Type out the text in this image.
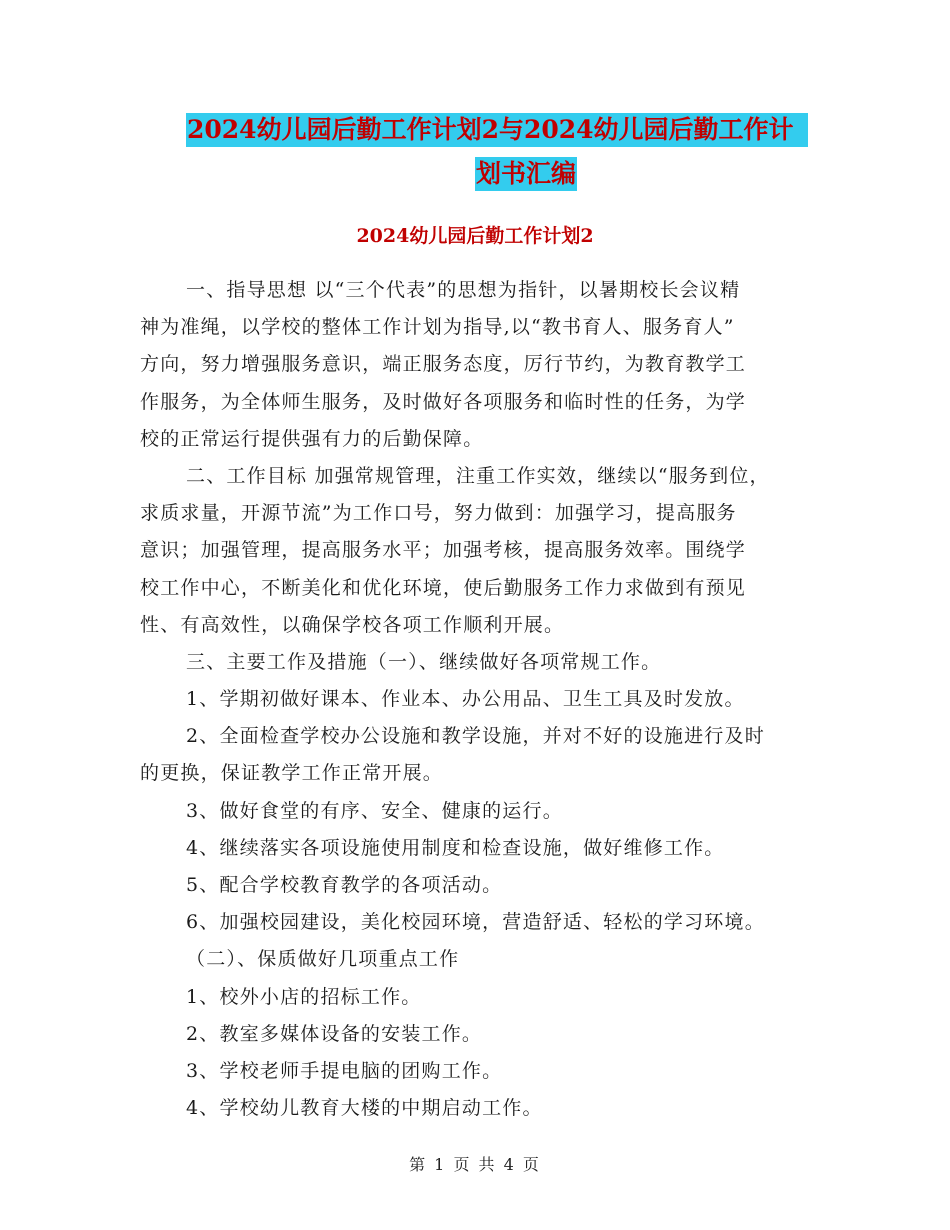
2024幼儿园后勤工作计划2与2024幼儿园后勤工作计
划书汇编
2024幼儿园后勤工作计划2
一、指导思想 以“三个代表”的思想为指针，以暑期校长会议精
神为准绳，以学校的整体工作计划为指导,以“教书育人、服务育人”
方向，努力增强服务意识，端正服务态度，厉行节约，为教育教学工
作服务，为全体师生服务，及时做好各项服务和临时性的任务，为学
校的正常运行提供强有力的后勤保障。
二、工作目标 加强常规管理，注重工作实效，继续以“服务到位，
求质求量，开源节流”为工作口号，努力做到：加强学习，提高服务
意识；加强管理，提高服务水平；加强考核，提高服务效率。围绕学
校工作中心，不断美化和优化环境，使后勤服务工作力求做到有预见
性、有高效性，以确保学校各项工作顺利开展。
三、主要工作及措施（一）、继续做好各项常规工作。
1、学期初做好课本、作业本、办公用品、卫生工具及时发放。
2、全面检查学校办公设施和教学设施，并对不好的设施进行及时
的更换，保证教学工作正常开展。
3、做好食堂的有序、安全、健康的运行。
4、继续落实各项设施使用制度和检查设施，做好维修工作。
5、配合学校教育教学的各项活动。
6、加强校园建设，美化校园环境，营造舒适、轻松的学习环境。
（二）、保质做好几项重点工作
1、校外小店的招标工作。
2、教室多媒体设备的安装工作。
3、学校老师手提电脑的团购工作。
4、学校幼儿教育大楼的中期启动工作。
第 1 页 共 4 页
